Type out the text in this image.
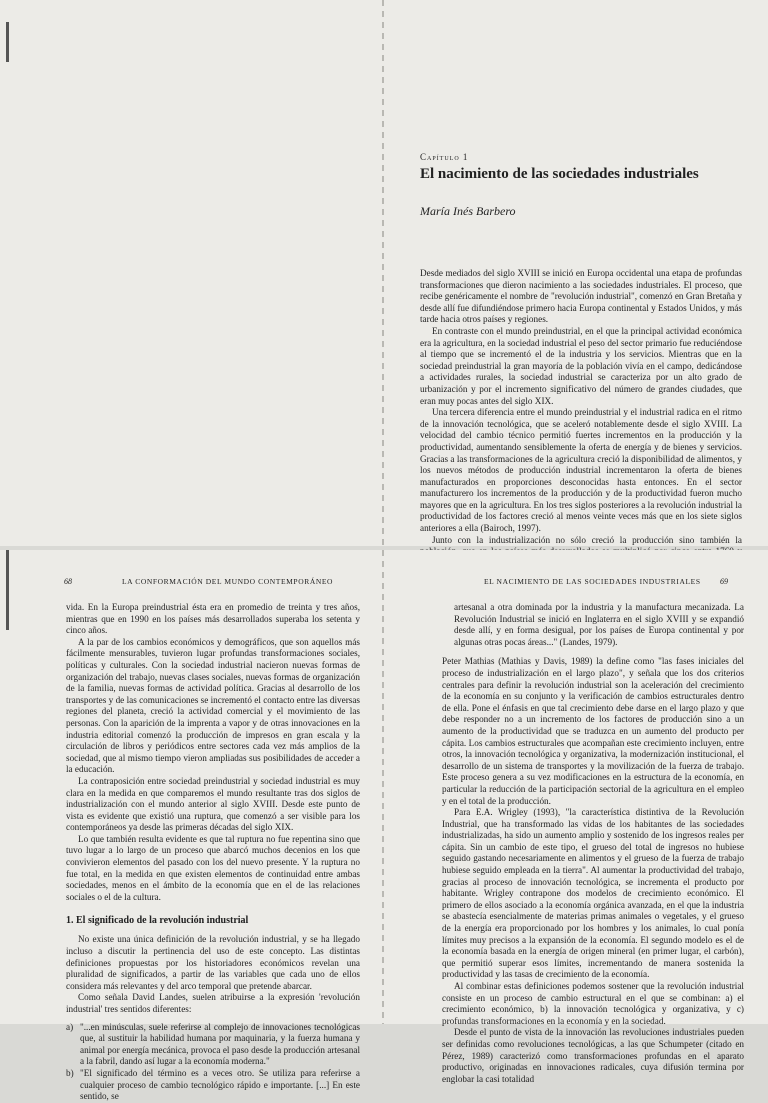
Capítulo 1
El nacimiento de las sociedades industriales
María Inés Barbero

Desde mediados del siglo XVIII se inició en Europa occidental una etapa de profundas transformaciones que dieron nacimiento a las sociedades industriales. El proceso, que recibe genéricamente el nombre de "revolución industrial", comenzó en Gran Bretaña y desde allí fue difundiéndose primero hacia Europa continental y Estados Unidos, y más tarde hacia otros países y regiones.

En contraste con el mundo preindustrial, en el que la principal actividad económica era la agricultura, en la sociedad industrial el peso del sector primario fue reduciéndose al tiempo que se incrementó el de la industria y los servicios. Mientras que en la sociedad preindustrial la gran mayoría de la población vivía en el campo, dedicándose a actividades rurales, la sociedad industrial se caracteriza por un alto grado de urbanización y por el incremento significativo del número de grandes ciudades, que eran muy pocas antes del siglo XIX.

Una tercera diferencia entre el mundo preindustrial y el industrial radica en el ritmo de la innovación tecnológica, que se aceleró notablemente desde el siglo XVIII. La velocidad del cambio técnico permitió fuertes incrementos en la producción y la productividad, aumentando sensiblemente la oferta de energía y de bienes y servicios. Gracias a las transformaciones de la agricultura creció la disponibilidad de alimentos, y los nuevos métodos de producción industrial incrementaron la oferta de bienes manufacturados en proporciones desconocidas hasta entonces. En el sector manufacturero los incrementos de la producción y de la productividad fueron mucho mayores que en la agricultura. En los tres siglos posteriores a la revolución industrial la productividad de los factores creció al menos veinte veces más que en los siete siglos anteriores a ella (Bairoch, 1997).

Junto con la industrialización no sólo creció la producción sino también la

68	LA CONFORMACIÓN DEL MUNDO CONTEMPORÁNEO

vida. En la Europa preindustrial ésta era en promedio de treinta y tres años, mientras que en 1990 en los países más desarrollados superaba los setenta y cinco años.

A la par de los cambios económicos y demográficos, que son aquellos más fácilmente mensurables, tuvieron lugar profundas transformaciones sociales, políticas y culturales. Con la sociedad industrial nacieron nuevas formas de organización del trabajo, nuevas clases sociales, nuevas formas de organización de la familia, nuevas formas de actividad política. Gracias al desarrollo de los transportes y de las comunicaciones se incrementó el contacto entre las diversas regiones del planeta, creció la actividad comercial y el movimiento de las personas. Con la aparición de la imprenta a vapor y de otras innovaciones en la industria editorial comenzó la producción de impresos en gran escala y la circulación de libros y periódicos entre sectores cada vez más amplios de la sociedad, que al mismo tiempo vieron ampliadas sus posibilidades de acceder a la educación.

La contraposición entre sociedad preindustrial y sociedad industrial es muy clara en la medida en que comparemos el mundo resultante tras dos siglos de industrialización con el mundo anterior al siglo XVIII. Desde este punto de vista es evidente que existió una ruptura, que comenzó a ser visible para los contemporáneos ya desde las primeras décadas del siglo XIX.

Lo que también resulta evidente es que tal ruptura no fue repentina sino que tuvo lugar a lo largo de un proceso que abarcó muchos decenios en los que convivieron elementos del pasado con los del nuevo presente. Y la ruptura no fue total, en la medida en que existen elementos de continuidad entre ambas sociedades, menos en el ámbito de la economía que en el de las relaciones sociales o el de la cultura.

1. El significado de la revolución industrial

No existe una única definición de la revolución industrial, y se ha llegado incluso a discutir la pertinencia del uso de este concepto. Las distintas definiciones propuestas por los historiadores económicos revelan una pluralidad de significados, a partir de las variables que cada uno de ellos considera más relevantes y del arco temporal que pretende abarcar.

Como señala David Landes, suelen atribuirse a la expresión 'revolución industrial' tres sentidos diferentes:

a) "...en minúsculas, suele referirse al complejo de innovaciones tecnológicas que, al sustituir la habilidad humana por maquinaria, y la fuerza humana y animal por energía mecánica, provoca el paso desde la producción artesanal a la fabril, dando así lugar a la economía moderna."
b) "El significado del término es a veces otro. Se utiliza para referirse a cualquier proceso de cambio tecnológico rápido e importante. [...] En este sentido, se
EL NACIMIENTO DE LAS SOCIEDADES INDUSTRIALES 69

artesanal a otra dominada por la industria y la manufactura mecanizada. La Revolución Industrial se inició en Inglaterra en el siglo XVIII y se expandió desde allí, y en forma desigual, por los países de Europa continental y por algunas otras pocas áreas..." (Landes, 1979).

Peter Mathias (Mathias y Davis, 1989) la define como "las fases iniciales del proceso de industrialización en el largo plazo", y señala que los dos criterios centrales para definir la revolución industrial son la aceleración del crecimiento de la economía en su conjunto y la verificación de cambios estructurales dentro de ella. Pone el énfasis en que tal crecimiento debe darse en el largo plazo y que debe responder no a un incremento de los factores de producción sino a un aumento de la productividad que se traduzca en un aumento del producto per cápita. Los cambios estructurales que acompañan este crecimiento incluyen, entre otros, la innovación tecnológica y organizativa, la modernización institucional, el desarrollo de un sistema de transportes y la movilización de la fuerza de trabajo. Este proceso genera a su vez modificaciones en la estructura de la economía, en particular la reducción de la participación sectorial de la agricultura en el empleo y en el total de la producción.

Para E.A. Wrigley (1993), "la característica distintiva de la Revolución Industrial, que ha transformado las vidas de los habitantes de las sociedades industrializadas, ha sido un aumento amplio y sostenido de los ingresos reales per cápita. Sin un cambio de este tipo, el grueso del total de ingresos no hubiese seguido gastando necesariamente en alimentos y el grueso de la fuerza de trabajo hubiese seguido empleada en la tierra". Al aumentar la productividad del trabajo, gracias al proceso de innovación tecnológica, se incrementa el producto por habitante. Wrigley contrapone dos modelos de crecimiento económico. El primero de ellos asociado a la economía orgánica avanzada, en el que la industria se abastecía esencialmente de materias primas animales o vegetales, y el grueso de la energía era proporcionado por los hombres y los animales, lo cual ponía límites muy precisos a la expansión de la economía. El segundo modelo es el de la economía basada en la energía de origen mineral (en primer lugar, el carbón), que permitió superar esos límites, incrementando de manera sostenida la productividad y las tasas de crecimiento de la economía.

Al combinar estas definiciones podemos sostener que la revolución industrial consiste en un proceso de cambio estructural en el que se combinan: a) el crecimiento económico, b) la innovación tecnológica y organizativa, y c) profundas transformaciones en la economía y en la sociedad.

Desde el punto de vista de la innovación las revoluciones industriales pueden ser definidas como revoluciones tecnológicas, a las que Schumpeter (citado en Pérez, 1989) caracterizó como transformaciones profundas en el aparato productivo, originadas en innovaciones radicales, cuya difusión termina por englobar la casi totalidad
